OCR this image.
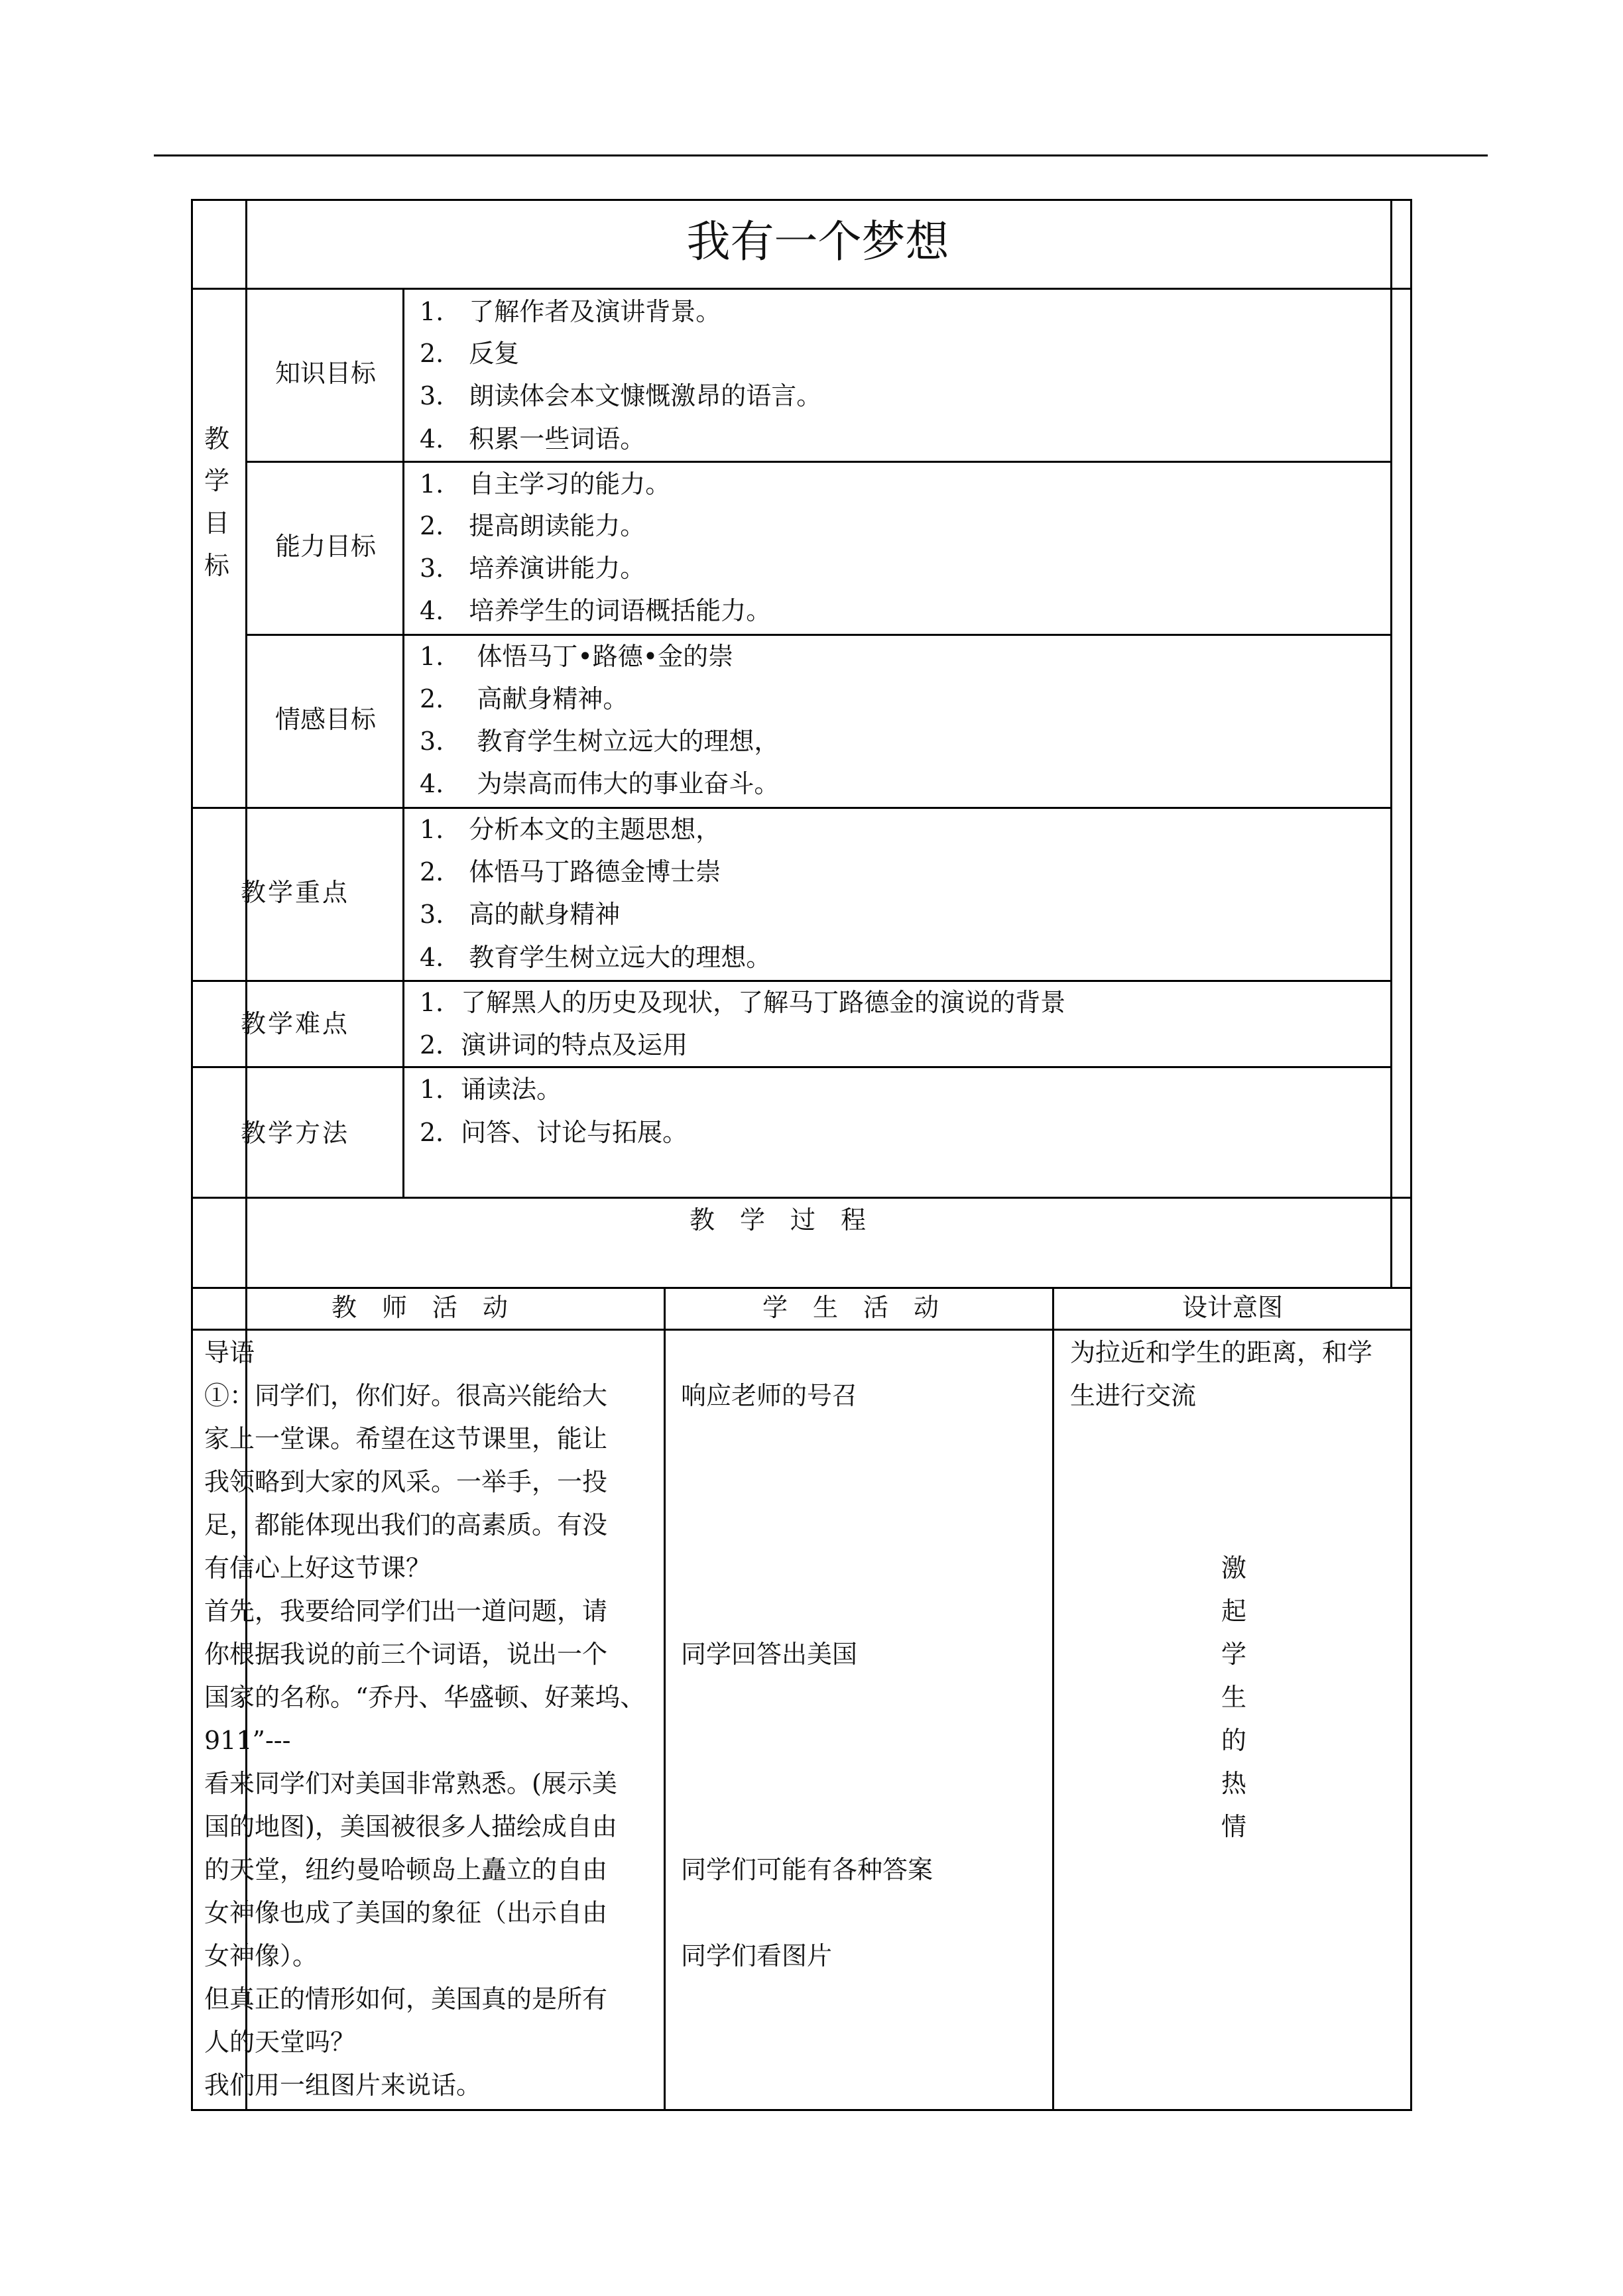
我有一个梦想
教
学
目
标
知识目标
1.　了解作者及演讲背景。
2.　反复
3.　朗读体会本文慷慨激昂的语言。
4.　积累一些词语。
能力目标
1.　自主学习的能力。
2.　提高朗读能力。
3.　培养演讲能力。
4.　培养学生的词语概括能力。
情感目标
1.　 体悟马丁•路德•金的崇
2.　 高献身精神。
3.　 教育学生树立远大的理想，
4.　 为崇高而伟大的事业奋斗。
教学重点
1.　分析本文的主题思想，
2.　体悟马丁路德金博士崇
3.　高的献身精神
4.　教育学生树立远大的理想。
教学难点
1．了解黑人的历史及现状，了解马丁路德金的演说的背景
2．演讲词的特点及运用
教学方法
1．诵读法。
2．问答、讨论与拓展。
教　学　过　程
教　师　活　动	学　生　活　动	设计意图
导语
①：同学们，你们好。很高兴能给大
家上一堂课。希望在这节课里，能让
我领略到大家的风采。一举手，一投
足，都能体现出我们的高素质。有没
有信心上好这节课？
首先，我要给同学们出一道问题，请
你根据我说的前三个词语，说出一个
国家的名称。“乔丹、华盛顿、好莱坞、
911”---
看来同学们对美国非常熟悉。(展示美
国的地图)，美国被很多人描绘成自由
的天堂，纽约曼哈顿岛上矗立的自由
女神像也成了美国的象征（出示自由
女神像）。
但真正的情形如何，美国真的是所有
人的天堂吗？
我们用一组图片来说话。
响应老师的号召
同学回答出美国
同学们可能有各种答案
同学们看图片
为拉近和学生的距离，和学
生进行交流
激
起
学
生
的
热
情
